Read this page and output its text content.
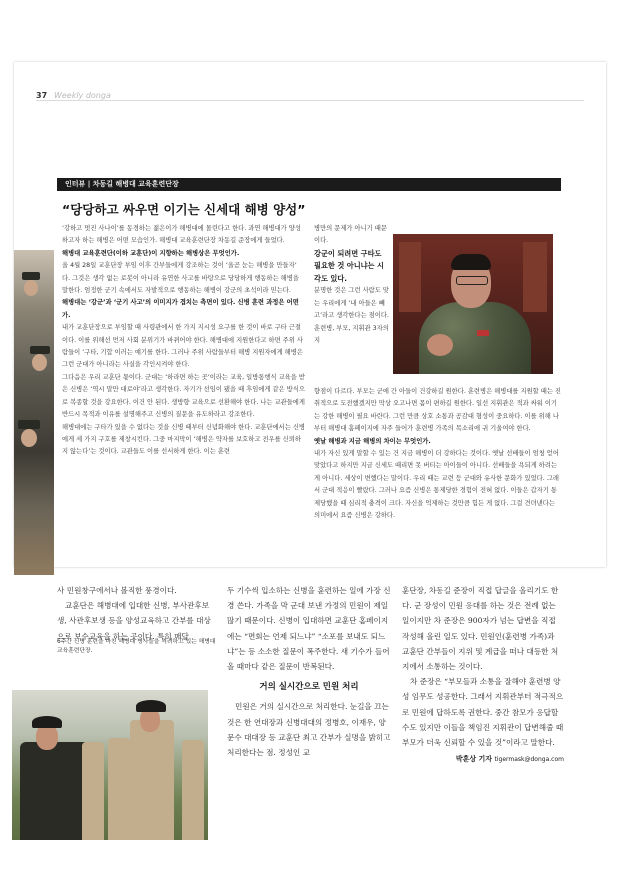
37 Weekly donga
인터뷰 | 차동길 해병대 교육훈련단장
“당당하고 싸우면 이기는 신세대 해병 양성”

‘강하고 멋진 사나이’를 동경하는 젊은이가 해병대에 몰린다고 한다. 과연 해병대가 양성하고자 하는 해병은 어떤 모습인가. 해병대 교육훈련단장 차동길 준장에게 들었다.

해병대 교육훈련단(이하 교훈단)이 지향하는 해병상은 무엇인가.

올 4월 28일 교훈단장 부임 이후 간부들에게 강조하는 것이 ‘올곧 눈는 해병을 만들자’ 다. 그것은 생각 없는 로봇이 아니라 유연한 사고를 바탕으로 당당하게 행동하는 해병을 말한다. 엄정한 군기 속에서도 자발적으로 행동하는 해병이 강군의 초석이라 믿는다.

해병대는 ‘강군’과 ‘군기 사고’의 이미지가 겹치는 측면이 있다. 신병 훈련 과정은 어떤가.

내가 교훈단장으로 부임할 때 사령관에서 한 가지 지시성 요구를 한 것이 바로 구타 근절이다. 이를 위해선 먼저 사회 분위기가 바뀌어야 한다. 해병대에 지원한다고 하면 주위 사람들이 ‘구타, 기합 이러는 얘기를 한다. 그러나 주위 사람들부터 해병 지원자에게 해병은 그런 군대가 아니라는 사실을 각인시켜야 한다.

그다음은 우리 교훈단 몫이다. 군대는 ‘하라면 하는 곳’이라는 교육, 일방통행식 교육을 받은 신병은 ‘역시 말만 대로야’라고 생각한다. 자기가 선임이 됐을 때 후임에게 같은 방식으로 복종할 것을 강요한다. 이건 안 된다. 생방향 교육으로 선환해야 한다. 나는 교관들에게 반드시 목적과 이유를 설명해주고 신병의 질문을 유도하라고 강조한다.

해병대에는 구타가 있을 수 없다는 것을 신병 때부터 신념화해야 한다. 교훈단에서는 신병에게 세 가지 구호를 제창시킨다. 그중 마지막이 ‘해병은 약자를 보호하고 전우를 신뢰하지 않는다’는 것이다. 교관들도 이를 선서하게 한다. 이는 훈련

병만의 문제가 아니기 때문이다.

강군이 되려면 구타도 필요한 것 아니냐는 시각도 있다.

분명한 것은 그런 사람도 맞는 우리에게 ‘내 아들은 빼고’라고 생각한다는 점이다. 훈련병, 부모, 지휘관 3자의 지

향점이 다르다. 부모는 군에 간 아들이 건강하길 원한다. 훈련병은 해병대를 지원할 때는 진취적으로 도전했겠지만 막상 오고나면 몸이 편하길 원한다. 일선 지휘관은 적과 싸워 이기는 강한 해병이 필요 바란다. 그런 만큼 상호 소통과 공감대 형성이 중요하다. 이를 위해 나부터 해병대 홈페이지에 자주 들어가 훈련병 가족의 목소리에 귀 기울여야 한다.

옛날 해병과 지금 해병의 차이는 무엇인가.

내가 자신 있게 말할 수 있는 건 지금 해병이 더 강하다는 것이다. 옛날 선배들이 엄청 얻어맞았다고 하지만 지금 신세도 때리면 못 버티는 아이들이 아니다. 선배들을 욕되게 하려는 게 아니다. 세상이 변했다는 말이다. 우리 때는 교련 등 군대와 유사한 문화가 있었다. 그래서 군대 적응이 빨랐다. 그러나 요즘 신병은 통제당한 경험이 전혀 없다. 이들은 갑자기 통제당했을 때 심리적 충격이 크다. 자신을 억제하는 것만큼 힘든 게 없다. 그걸 견뎌낸다는 의미에서 요즘 신병은 강하다.

6주간 신병 훈련을 마친 해병대 병사들을 격려하고 있는 해병대 교육훈련단장.

사 민원창구에서나 볼직한 풍경이다.

교훈단은 해병대에 입대한 신병, 부사관후보생, 사관후보생 등을 양성교육하고 간부를 대상으로 보수교육을 하는 곳이다. 특히 매달

두 기수씩 입소하는 신병을 훈련하는 일에 가장 신경 쓴다. 가족을 막 군대 보낸 가정의 민원이 제일 많기 때문이다. 신병이 입대하면 교훈단 홈페이지에는 “면회는 언제 되느냐” “소포를 보내도 되느냐”는 등 소소한 질문이 폭주한다. 새 기수가 들어올 때마다 같은 질문이 반복된다.

거의 실시간으로 민원 처리

민원은 거의 실시간으로 처리한다. 눈길을 끄는 것은 한 연대장과 신병대대의 정병호, 이재우, 양문수 대대장 등 교훈단 최고 간부가 실명을 밝히고 처리한다는 점. 정성인 교

훈단장, 차동길 준장이 직접 답글을 올리기도 한다. 군 장성이 민원 응대를 하는 것은 전례 없는 일이지만 차 준장은 900자가 넘는 답변을 직접 작성해 올린 일도 있다. 민원인(훈련병 가족)과 교훈단 간부들이 지위 및 계급을 떠나 대등한 처지에서 소통하는 것이다.

차 준장은 “부모들과 소통을 잘해야 훈련병 양성 임무도 성공한다. 그래서 지휘관부터 적극적으로 민원에 답하도록 권한다. 중간 참모가 응답할 수도 있지만 이들을 책임진 지휘관이 답변해줄 때 부모가 더욱 신뢰할 수 있을 것”이라고 말한다.

박훈상 기자 tigermask@donga.com
